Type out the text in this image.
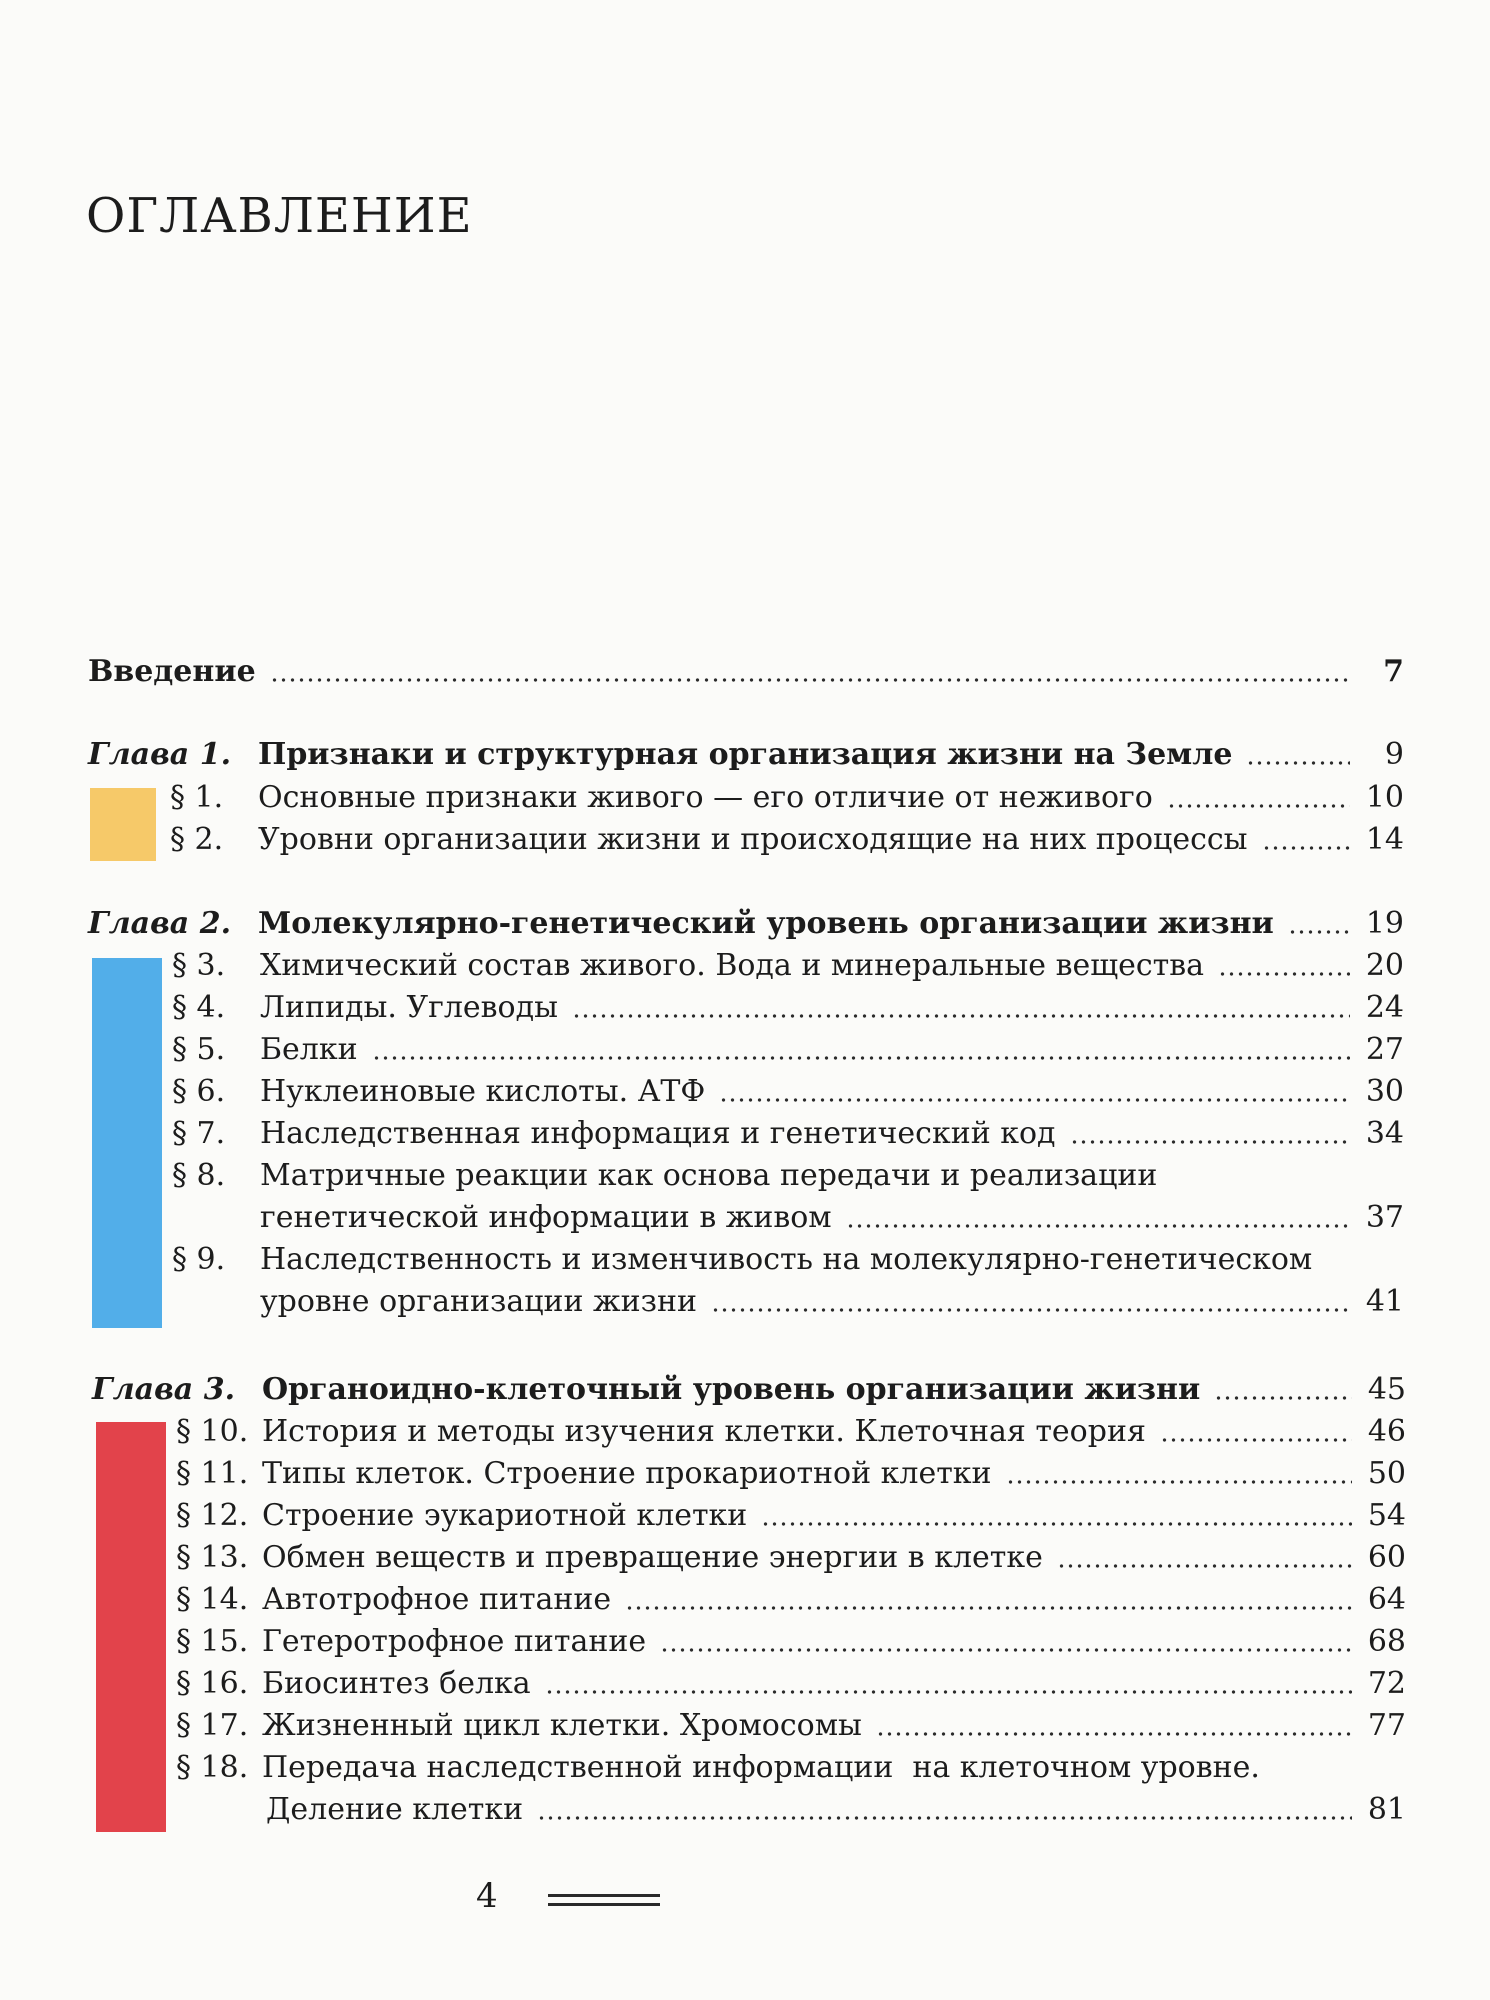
ОГЛАВЛЕНИЕ
Введение	7
Глава 1. Признаки и структурная организация жизни на Земле	9
§ 1. Основные признаки живого — его отличие от неживого	10
§ 2. Уровни организации жизни и происходящие на них процессы	14
Глава 2. Молекулярно-генетический уровень организации жизни	19
§ 3. Химический состав живого. Вода и минеральные вещества	20
§ 4. Липиды. Углеводы	24
§ 5. Белки	27
§ 6. Нуклеиновые кислоты. АТФ	30
§ 7. Наследственная информация и генетический код	34
§ 8. Матричные реакции как основа передачи и реализации
генетической информации в живом	37
§ 9. Наследственность и изменчивость на молекулярно-генетическом
уровне организации жизни	41
Глава 3. Органоидно-клеточный уровень организации жизни	45
§ 10. История и методы изучения клетки. Клеточная теория	46
§ 11. Типы клеток. Строение прокариотной клетки	50
§ 12. Строение эукариотной клетки	54
§ 13. Обмен веществ и превращение энергии в клетке	60
§ 14. Автотрофное питание	64
§ 15. Гетеротрофное питание	68
§ 16. Биосинтез белка	72
§ 17. Жизненный цикл клетки. Хромосомы	77
§ 18. Передача наследственной информации  на клеточном уровне.
Деление клетки	81
4
